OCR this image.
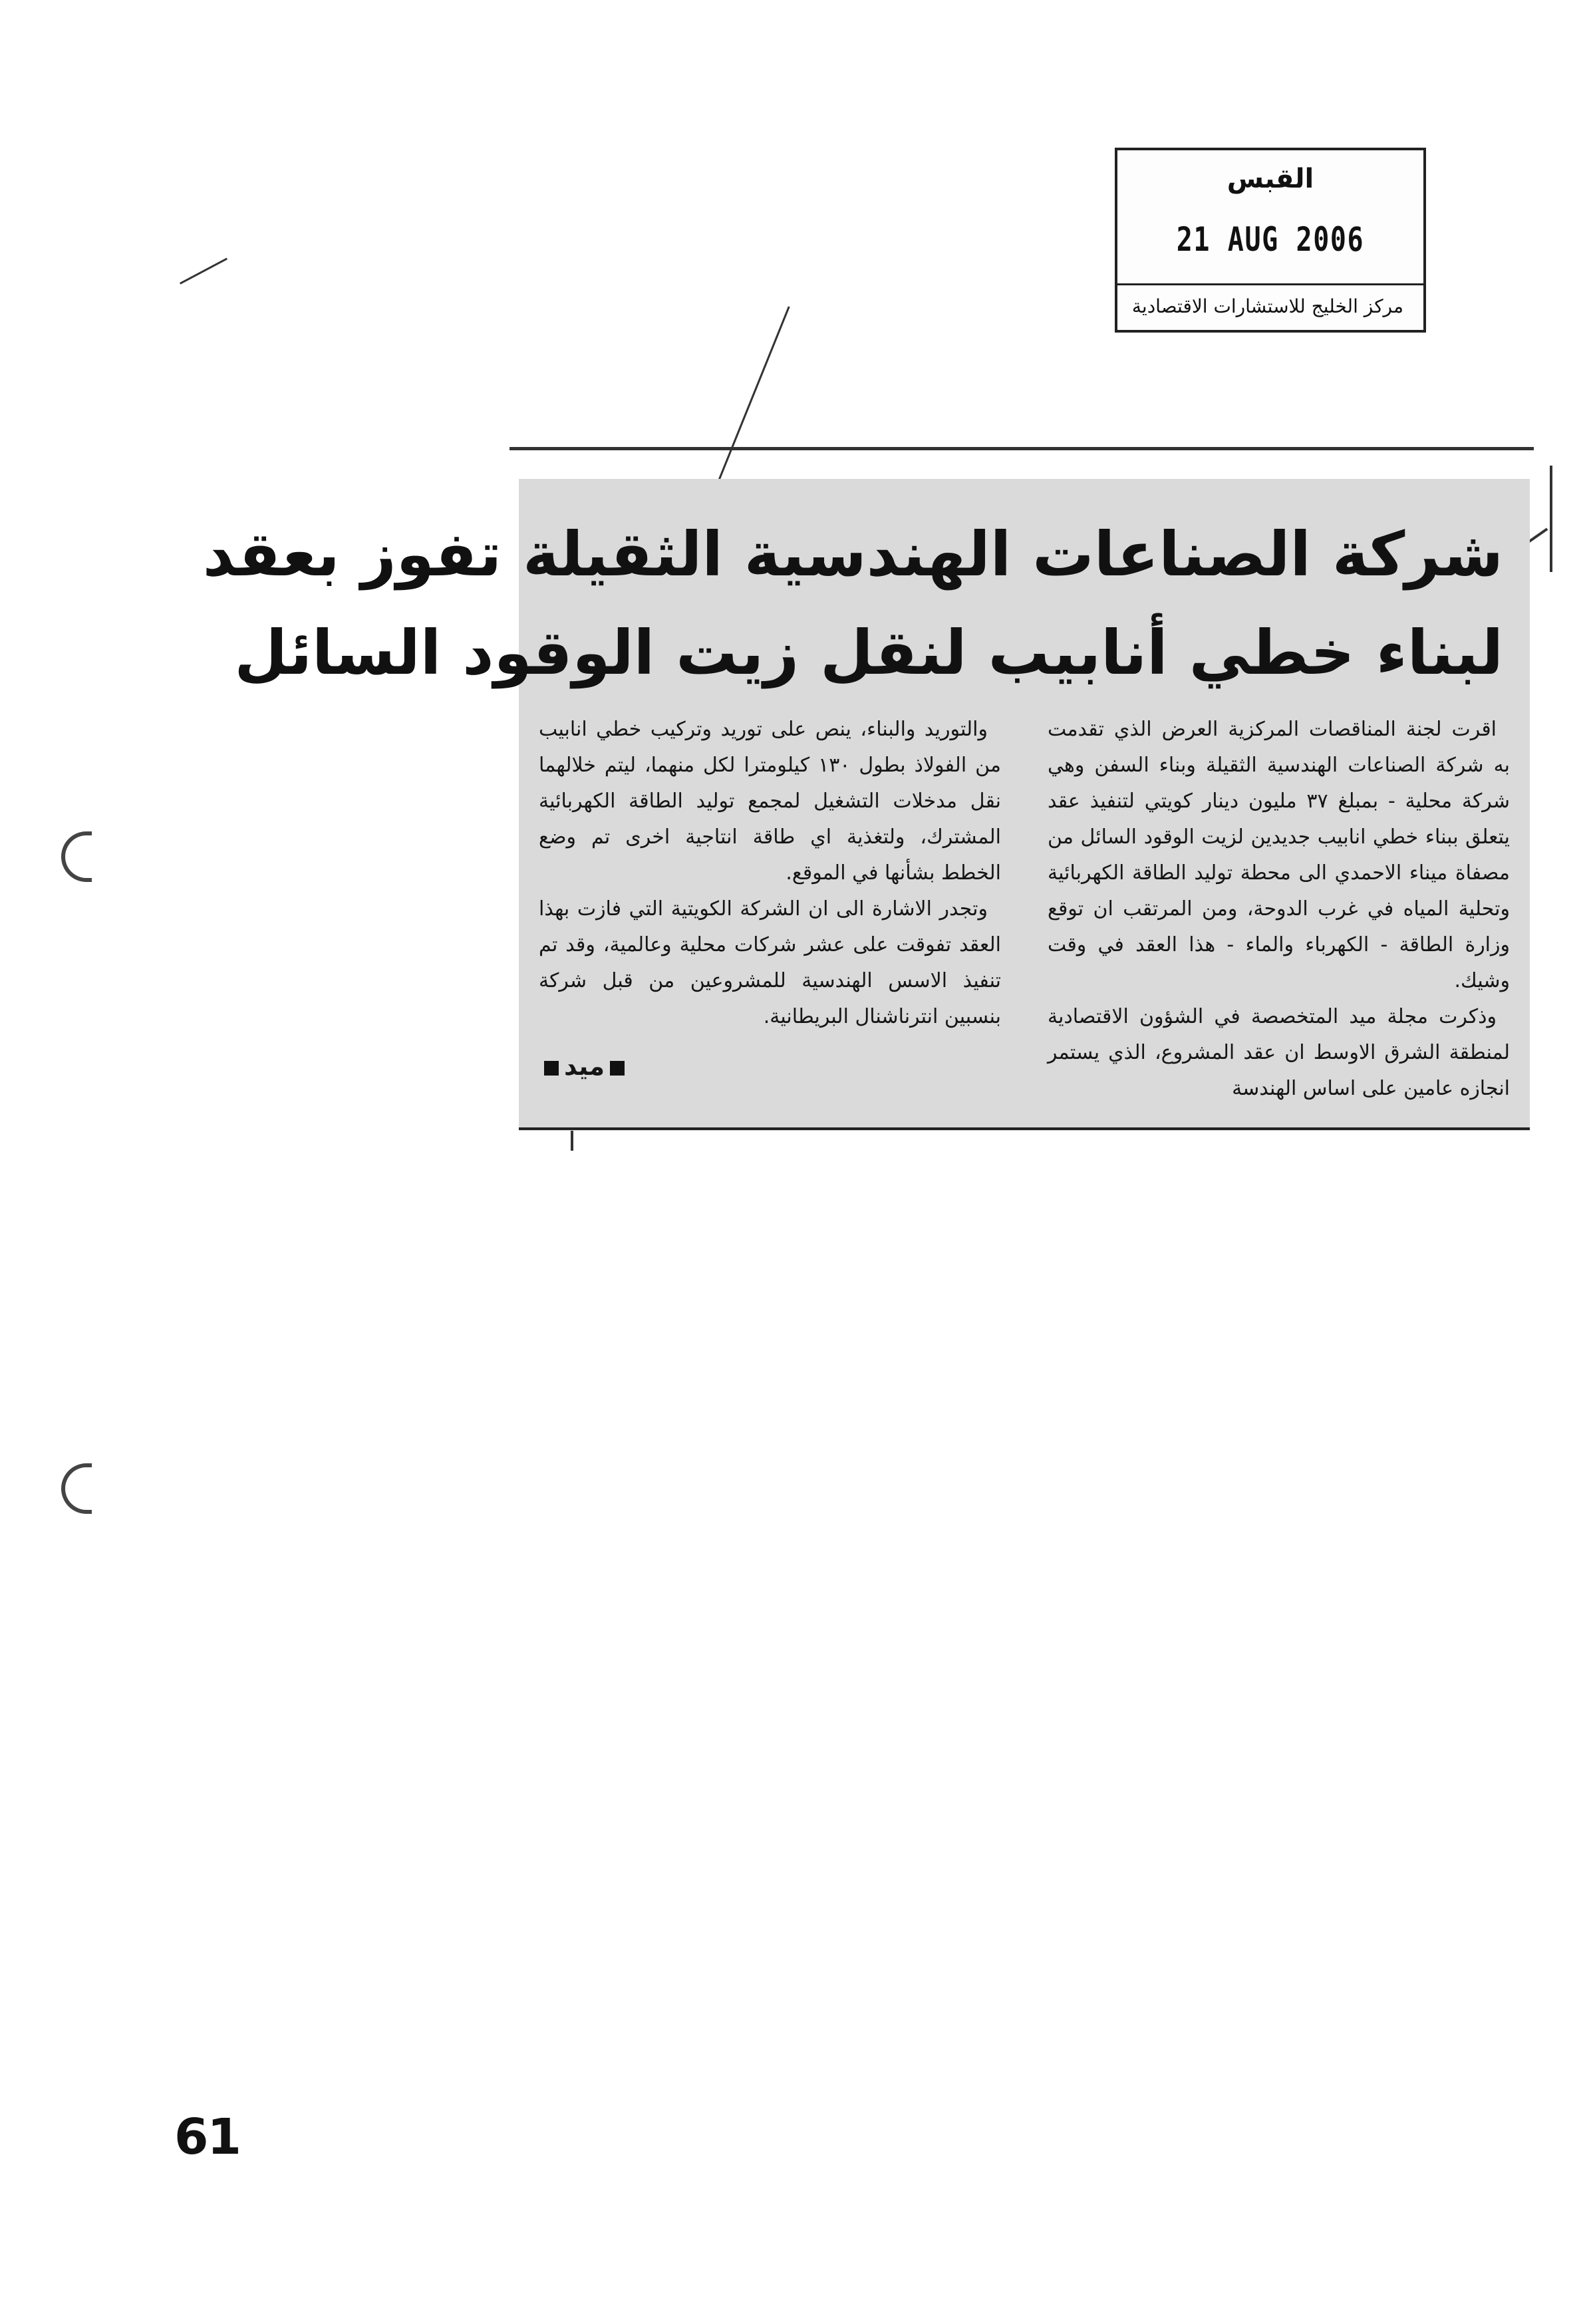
القبس
21 AUG 2006
مركز الخليج للاستشارات الاقتصادية
شركة الصناعات الهندسية الثقيلة تفوز بعقد
لبناء خطي أنابيب لنقل زيت الوقود السائل

اقرت لجنة المناقصات المركزية العرض الذي تقدمت به شركة الصناعات الهندسية الثقيلة وبناء السفن وهي شركة محلية - بمبلغ ٣٧ مليون دينار كويتي لتنفيذ عقد يتعلق ببناء خطي انابيب جديدين لزيت الوقود السائل من مصفاة ميناء الاحمدي الى محطة توليد الطاقة الكهربائية وتحلية المياه في غرب الدوحة، ومن المرتقب ان توقع وزارة الطاقة - الكهرباء والماء - هذا العقد في وقت وشيك.

وذكرت مجلة ميد المتخصصة في الشؤون الاقتصادية لمنطقة الشرق الاوسط ان عقد المشروع، الذي يستمر انجازه عامين على اساس الهندسة

والتوريد والبناء، ينص على توريد وتركيب خطي انابيب من الفولاذ بطول ١٣٠ كيلومترا لكل منهما، ليتم خلالهما نقل مدخلات التشغيل لمجمع توليد الطاقة الكهربائية المشترك، ولتغذية اي طاقة انتاجية اخرى تم وضع الخطط بشأنها في الموقع.

وتجدر الاشارة الى ان الشركة الكويتية التي فازت بهذا العقد تفوقت على عشر شركات محلية وعالمية، وقد تم تنفيذ الاسس الهندسية للمشروعين من قبل شركة بنسبين انترناشنال البريطانية.

ميد
61
